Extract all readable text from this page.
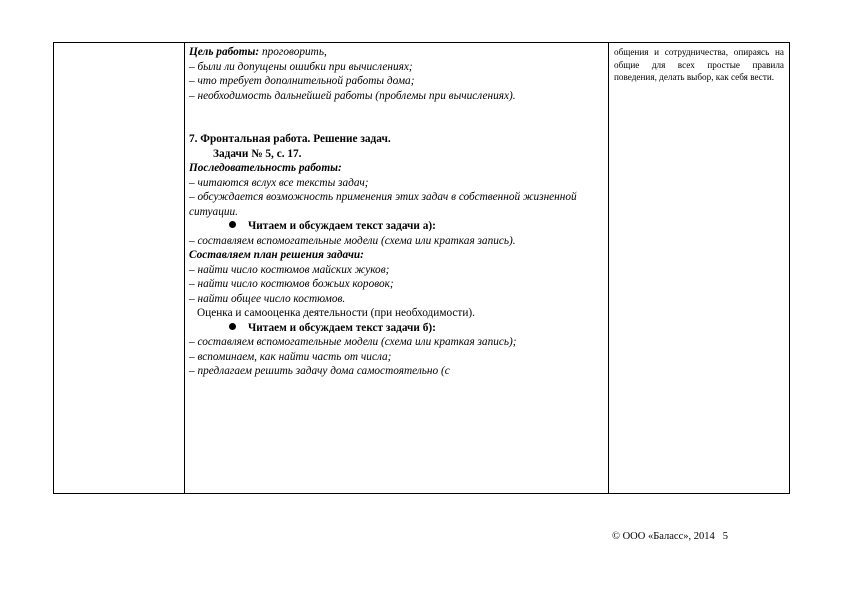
Цель работы: проговорить,

– были ли допущены ошибки при вычислениях;

– что требует дополнительной работы дома;

– необходимость дальнейшей работы (проблемы при вычислениях).

7. Фронтальная работа. Решение задач.

Задачи № 5, с. 17.

Последовательность работы:

– читаются вслух все тексты задач;

– обсуждается возможность применения этих задач в собственной жизненной ситуации.

Читаем и обсуждаем текст задачи а):

– составляем вспомогательные модели (схема или краткая запись).

Составляем план решения задачи:

– найти число костюмов майских жуков;

– найти число костюмов божьих коровок;

– найти общее число костюмов.

Оценка и самооценка деятельности (при необходимости).

Читаем и обсуждаем текст задачи б):

– составляем вспомогательные модели (схема или краткая запись);

– вспоминаем, как найти часть от числа;

– предлагаем решить задачу дома самостоятельно (с

общения и сотрудничества, опираясь на общие для всех простые правила поведения, делать выбор, как себя вести.
© ООО «Баласс», 2014 5
